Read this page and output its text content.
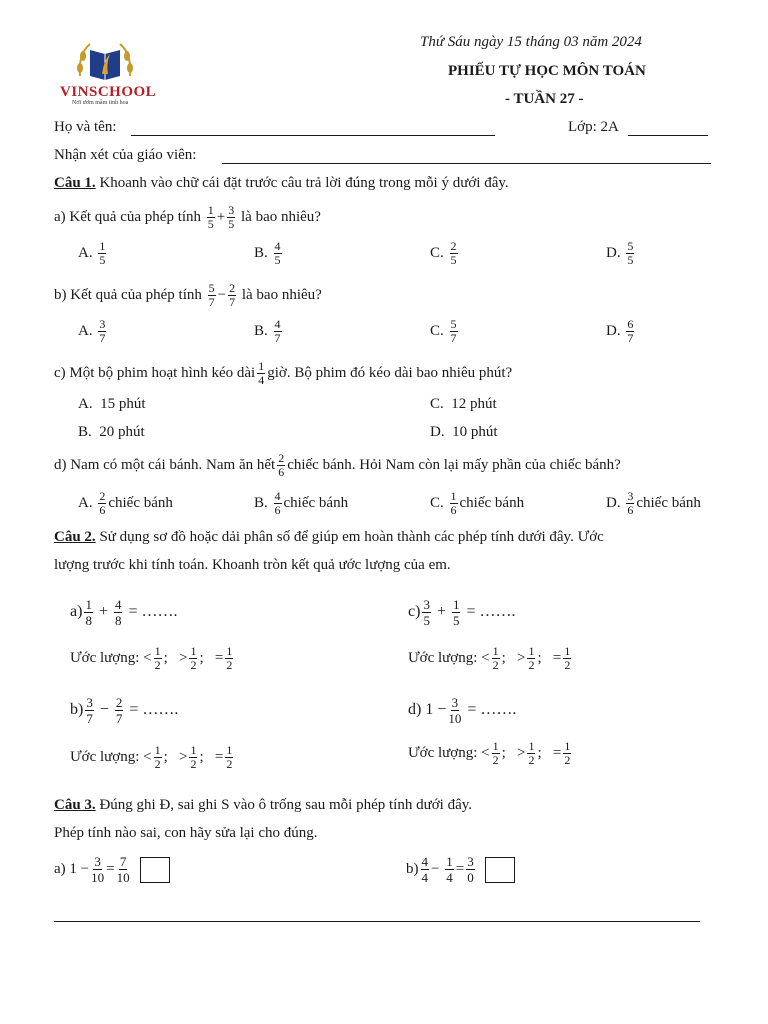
VINSCHOOL
Nơi ươm mầm tinh hoa
Thứ Sáu ngày 15 tháng 03 năm 2024
PHIẾU TỰ HỌC MÔN TOÁN
- TUẦN 27 -
Họ và tên:	Lớp: 2A
Nhận xét của giáo viên:
Câu 1. Khoanh vào chữ cái đặt trước câu trả lời đúng trong mỗi ý dưới đây.
a) Kết quả của phép tính $\frac{1}{5} + \frac{3}{5}$ là bao nhiêu?
A. $\frac{1}{5}$	B. $\frac{4}{5}$	C. $\frac{2}{5}$	D. $\frac{5}{5}$
b) Kết quả của phép tính $\frac{5}{7} - \frac{2}{7}$ là bao nhiêu?
A. $\frac{3}{7}$	B. $\frac{4}{7}$	C. $\frac{5}{7}$	D. $\frac{6}{7}$
c) Một bộ phim hoạt hình kéo dài $\frac{1}{4}$ giờ. Bộ phim đó kéo dài bao nhiêu phút?
A. 15 phút	C. 12 phút
B. 20 phút	D. 10 phút
d) Nam có một cái bánh. Nam ăn hết $\frac{2}{6}$ chiếc bánh. Hỏi Nam còn lại mấy phần của chiếc bánh?
A. $\frac{2}{6}$ chiếc bánh	B. $\frac{4}{6}$ chiếc bánh	C. $\frac{1}{6}$ chiếc bánh	D. $\frac{3}{6}$ chiếc bánh
Câu 2. Sử dụng sơ đồ hoặc dải phân số để giúp em hoàn thành các phép tính dưới đây. Ước
lượng trước khi tính toán. Khoanh tròn kết quả ước lượng của em.
$a) \frac{1}{8} + \frac{4}{8}$ = …….
Ước lượng: < $\frac{1}{2}$ ; > $\frac{1}{2}$ ; = $\frac{1}{2}$
$c) \frac{3}{5} + \frac{1}{5}$ = …….
Ước lượng: < $\frac{1}{2}$ ; > $\frac{1}{2}$ ; = $\frac{1}{2}$
$b) \frac{3}{7} - \frac{2}{7}$ = …….
Ước lượng: < $\frac{1}{2}$ ; > $\frac{1}{2}$ ; = $\frac{1}{2}$
d) $1 - \frac{3}{10}$ = …….
Ước lượng: < $\frac{1}{2}$ ; > $\frac{1}{2}$ ; = $\frac{1}{2}$
Câu 3. Đúng ghi Đ, sai ghi S vào ô trống sau mỗi phép tính dưới đây.
Phép tính nào sai, con hãy sửa lại cho đúng.
a) $1 - \frac{3}{10} = \frac{7}{10}$	$b) \frac{4}{4} - \frac{1}{4} = \frac{3}{0}$
